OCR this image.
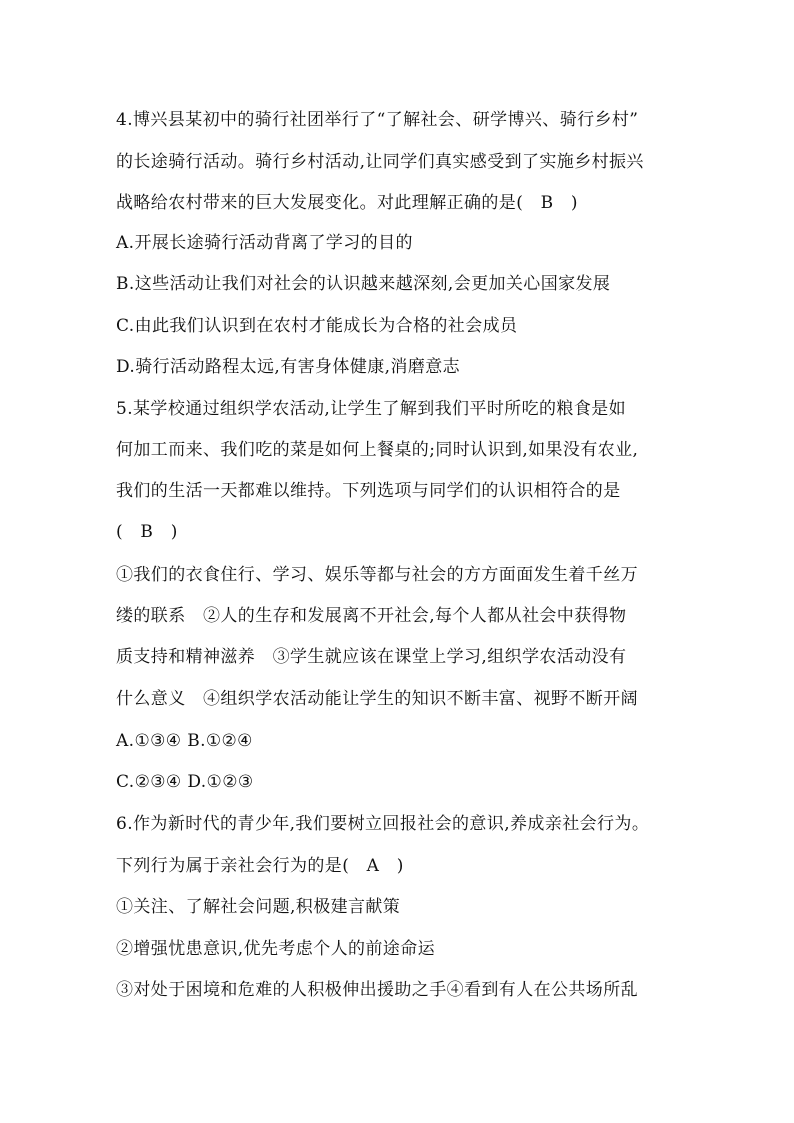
4.博兴县某初中的骑行社团举行了“了解社会、研学博兴、骑行乡村”
的长途骑行活动。骑行乡村活动,让同学们真实感受到了实施乡村振兴
战略给农村带来的巨大发展变化。对此理解正确的是(　B　)
A.开展长途骑行活动背离了学习的目的
B.这些活动让我们对社会的认识越来越深刻,会更加关心国家发展
C.由此我们认识到在农村才能成长为合格的社会成员
D.骑行活动路程太远,有害身体健康,消磨意志
5.某学校通过组织学农活动,让学生了解到我们平时所吃的粮食是如
何加工而来、我们吃的菜是如何上餐桌的;同时认识到,如果没有农业,
我们的生活一天都难以维持。下列选项与同学们的认识相符合的是
(　B　)
①我们的衣食住行、学习、娱乐等都与社会的方方面面发生着千丝万
缕的联系　②人的生存和发展离不开社会,每个人都从社会中获得物
质支持和精神滋养　③学生就应该在课堂上学习,组织学农活动没有
什么意义　④组织学农活动能让学生的知识不断丰富、视野不断开阔
A.①③④ B.①②④
C.②③④ D.①②③
6.作为新时代的青少年,我们要树立回报社会的意识,养成亲社会行为。
下列行为属于亲社会行为的是(　A　)
①关注、了解社会问题,积极建言献策
②增强忧患意识,优先考虑个人的前途命运
③对处于困境和危难的人积极伸出援助之手④看到有人在公共场所乱
